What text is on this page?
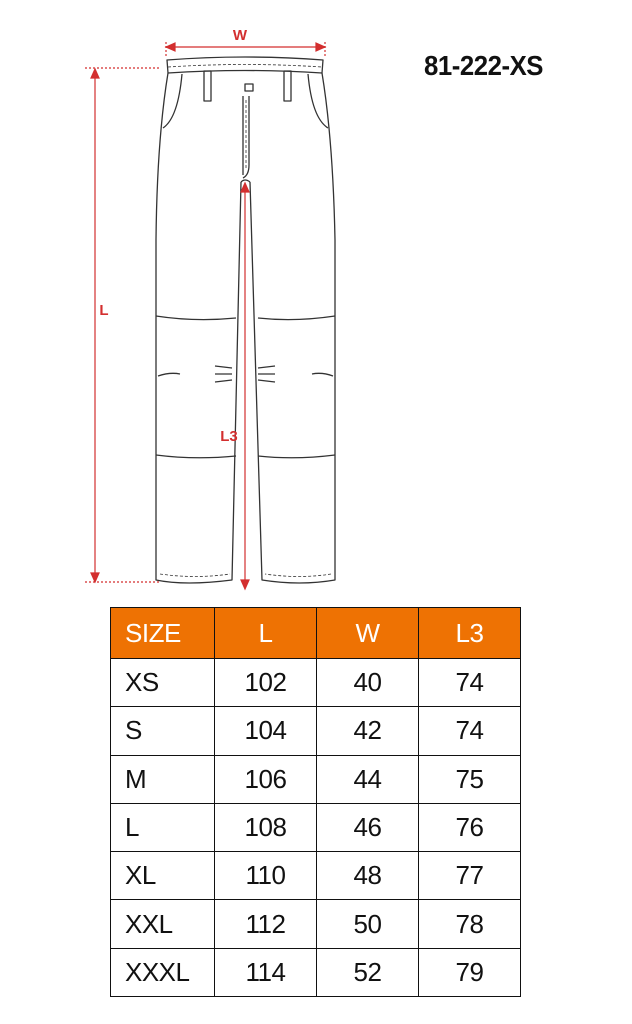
81-222-XS
W
L
L3
SIZE	L	W	L3
XS	102	40	74
S	104	42	74
M	106	44	75
L	108	46	76
XL	110	48	77
XXL	112	50	78
XXXL	114	52	79
